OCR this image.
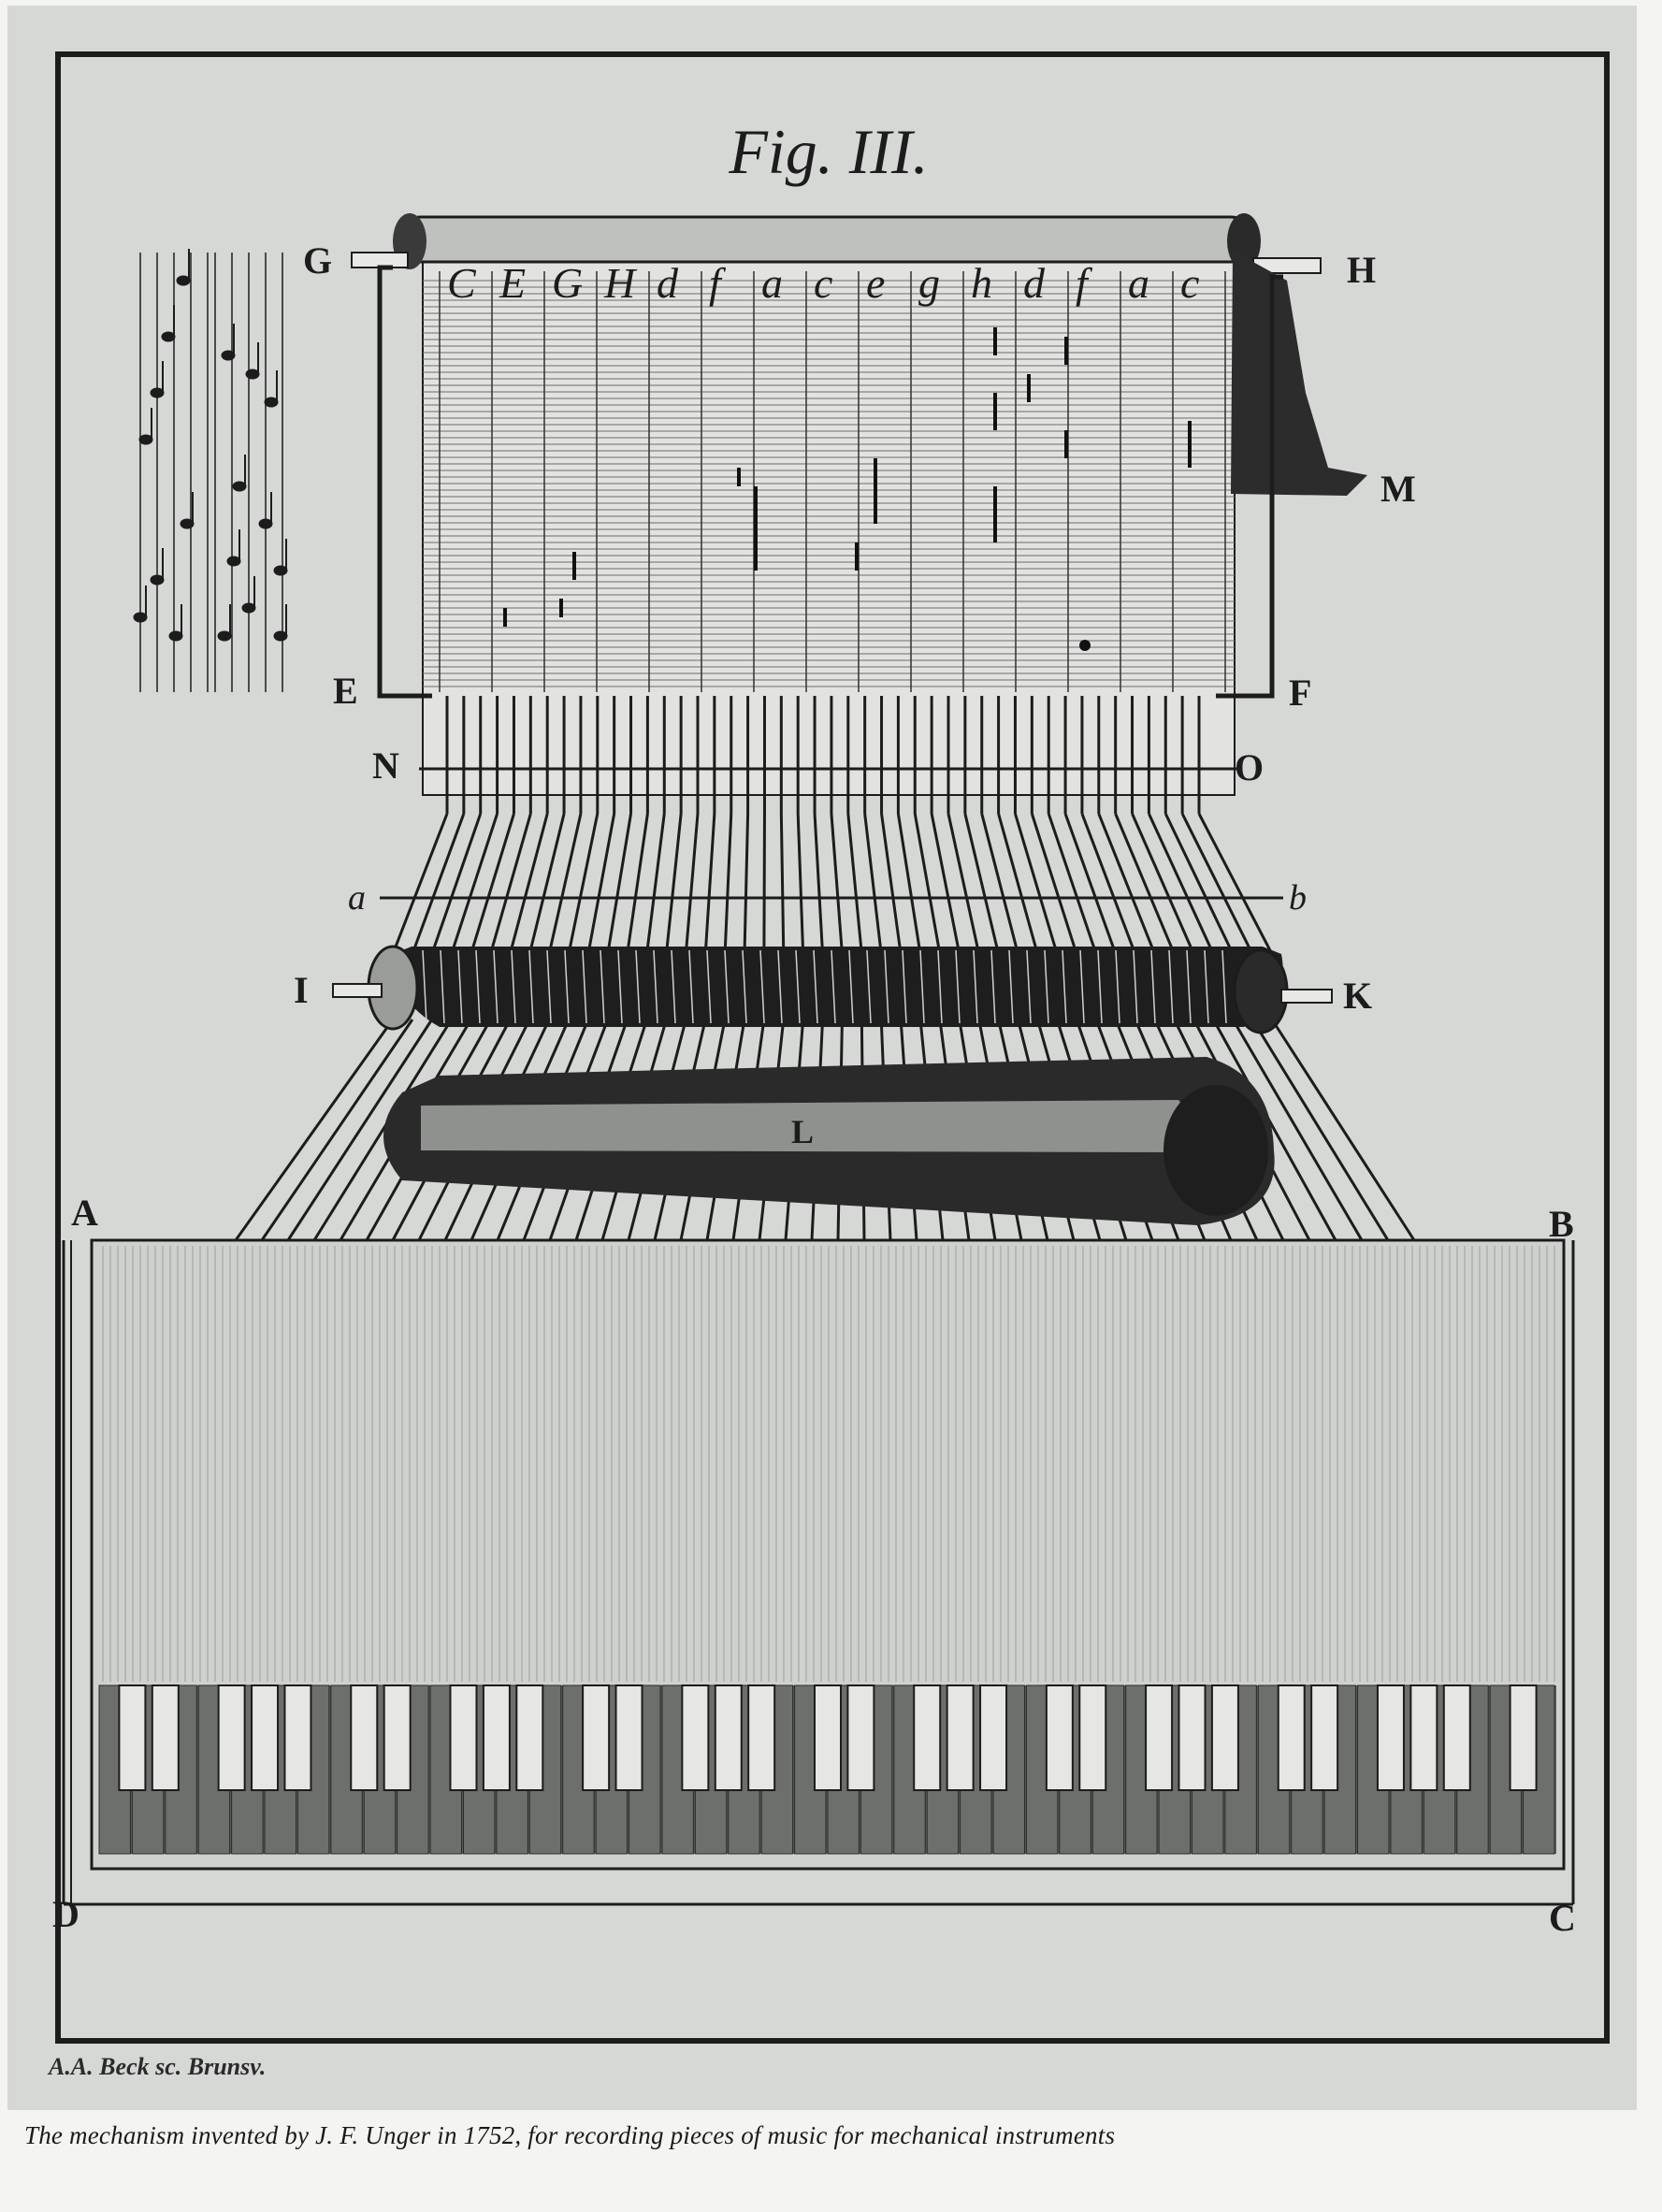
Fig. III.
C E G H d f a c e g h d f a c
G	H
M
E	F
N	O
I	K
A	B
D	C
L
a	b
A.A. Beck sc. Brunsv.
The mechanism invented by J. F. Unger in 1752, for recording pieces of music for mechanical instruments
